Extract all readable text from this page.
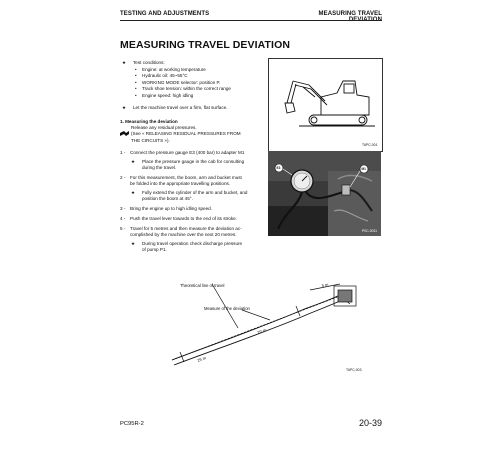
TESTING AND ADJUSTMENTS	MEASURING TRAVEL
MEASURING TRAVEL DEVIATION
★ Test conditions:
• Engine: at working temperature
• Hydraulic oil: 45~55°C
• WORKING MODE selector: position P.
• Track shoe tension: within the correct range
• Engine speed: high idling
★ Let the machine travel over a firm, flat surface.
1. Measuring the deviation
Release any residual pressures.
(See « RELEASING RESIDUAL PRESSURES FROM
THE CIRCUITS »).
1 - Connect the pressure gauge E3 (400 bar) to adapter M1
★ Place the pressure gauge in the cab for consulting
during the travel.
2 - For this measurement, the boom, arm and bucket must
be folded into the appropriate travelling positions.
★ Fully extend the cylinder of the arm and bucket, and
position the boom at 45°.
3 - Bring the engine up to high idling speed.
4 - Push the travel lever towards to the end of its stroke.
5 - Travel for 5 metres and then measure the deviation ac-
complished by the machine over the next 20 metres.
★ During travel operation check discharge pressure
of pump P1.
T6PC-001
E3	M1
P0C-0011
5 m
20 m
25 m
Theoretical line of travel
Measure of the deviation
T6PC-003
PC95R-2	20-39
